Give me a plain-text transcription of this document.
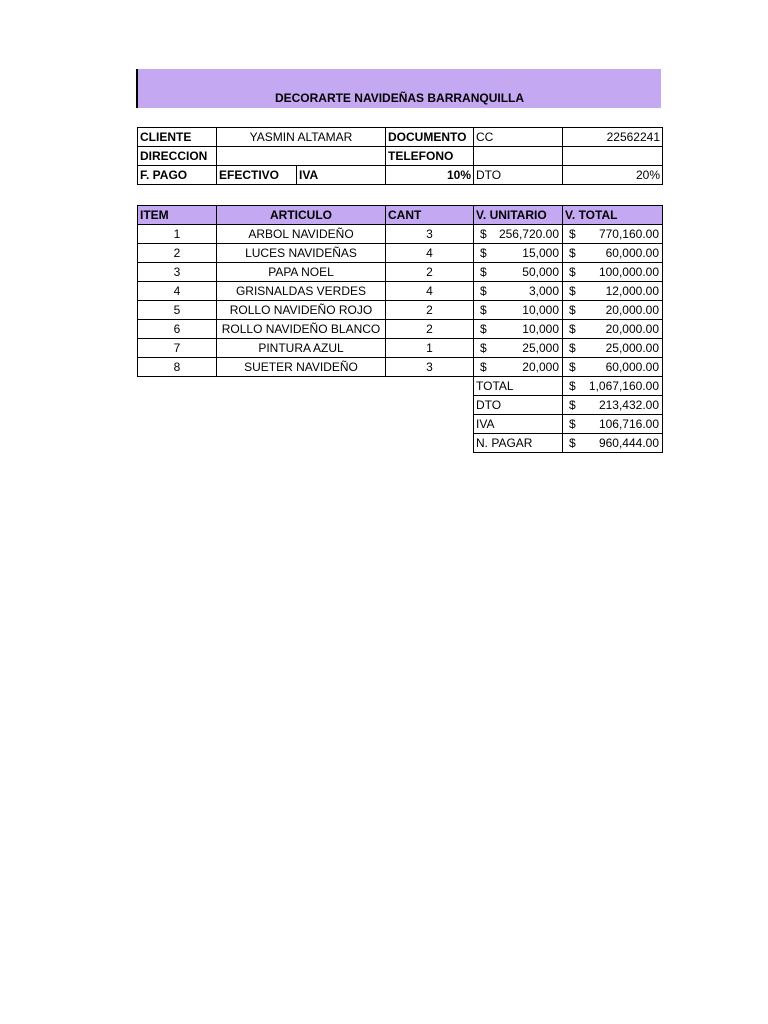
DECORARTE NAVIDEÑAS BARRANQUILLA
CLIENTE	YASMIN ALTAMAR		DOCUMENTO	CC	22562241
DIRECCION			TELEFONO		
F. PAGO	EFECTIVO	IVA	10%	DTO	20%
ITEM	ARTICULO	CANT	V. UNITARIO	V. TOTAL
1	ARBOL NAVIDEÑO	3	$ 256,720.00	$ 770,160.00

2	LUCES NAVIDEÑAS	4	$ 15,000	$ 60,000.00

3	PAPA NOEL	2	$ 50,000	$ 100,000.00

4	GRISNALDAS VERDES	4	$ 3,000	$ 12,000.00

5	ROLLO NAVIDEÑO ROJO	2	$ 10,000	$ 20,000.00

6	ROLLO NAVIDEÑO BLANCO	2	$ 10,000	$ 20,000.00

7	PINTURA AZUL	1	$ 25,000	$ 25,000.00

8	SUETER NAVIDEÑO	3	$ 20,000	$ 60,000.00

			TOTAL	$ 1,067,160.00

			DTO	$ 213,432.00

			IVA	$ 106,716.00

			N. PAGAR	$ 960,444.00
